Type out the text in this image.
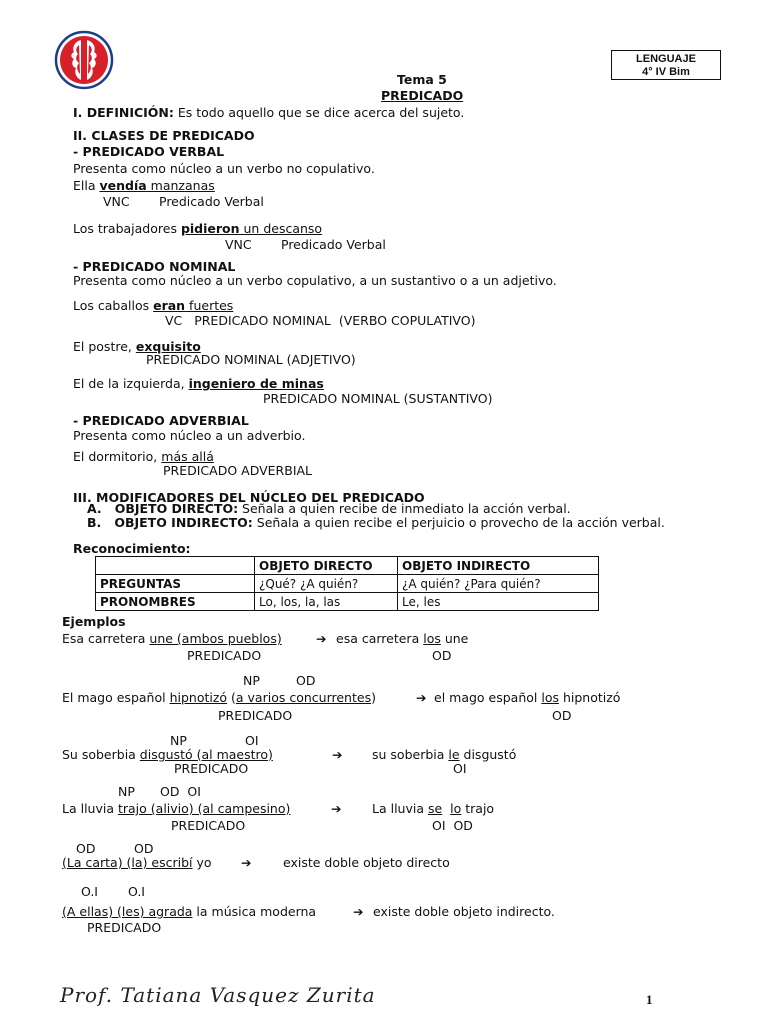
LENGUAJE
4° IV Bim
Tema 5
PREDICADO
I. DEFINICIÓN: Es todo aquello que se dice acerca del sujeto.
II. CLASES DE PREDICADO
- PREDICADO VERBAL
Presenta como núcleo a un verbo no copulativo.
Ella vendía manzanas
VNC Predicado Verbal
Los trabajadores pidieron un descanso
VNC Predicado Verbal
- PREDICADO NOMINAL
Presenta como núcleo a un verbo copulativo, a un sustantivo o a un adjetivo.
Los caballos eran fuertes
VC   PREDICADO NOMINAL  (VERBO COPULATIVO)
El postre, exquisito
PREDICADO NOMINAL (ADJETIVO)
El de la izquierda, ingeniero de minas
PREDICADO NOMINAL (SUSTANTIVO)
- PREDICADO ADVERBIAL
Presenta como núcleo a un adverbio.
El dormitorio, más allá
PREDICADO ADVERBIAL
III. MODIFICADORES DEL NÚCLEO DEL PREDICADO
A.   OBJETO DIRECTO: Señala a quien recibe de inmediato la acción verbal.
B.   OBJETO INDIRECTO: Señala a quien recibe el perjuicio o provecho de la acción verbal.
Reconocimiento:
	OBJETO DIRECTO	OBJETO INDIRECTO
PREGUNTAS	¿Qué? ¿A quién?	¿A quién? ¿Para quién?
PRONOMBRES	Lo, los, la, las	Le, les
Ejemplos
Esa carretera une (ambos pueblos)	➔ esa carretera los une
PREDICADO	OD
NP	OD
El mago español hipnotizó (a varios concurrentes)	➔ el mago español los hipnotizó
PREDICADO	OD
NP	OI
Su soberbia disgustó (al maestro)	➔ su soberbia le disgustó
PREDICADO	OI
NP OD  OI
La lluvia trajo (alivio) (al campesino)	➔ La lluvia se lo trajo
PREDICADO	OI  OD
OD	OD
(La carta) (la) escribí yo ➔	existe doble objeto directo
O.I O.I
(A ellas) (les) agrada la música moderna	➔ existe doble objeto indirecto.
PREDICADO
Prof. Tatiana Vasquez Zurita	1
